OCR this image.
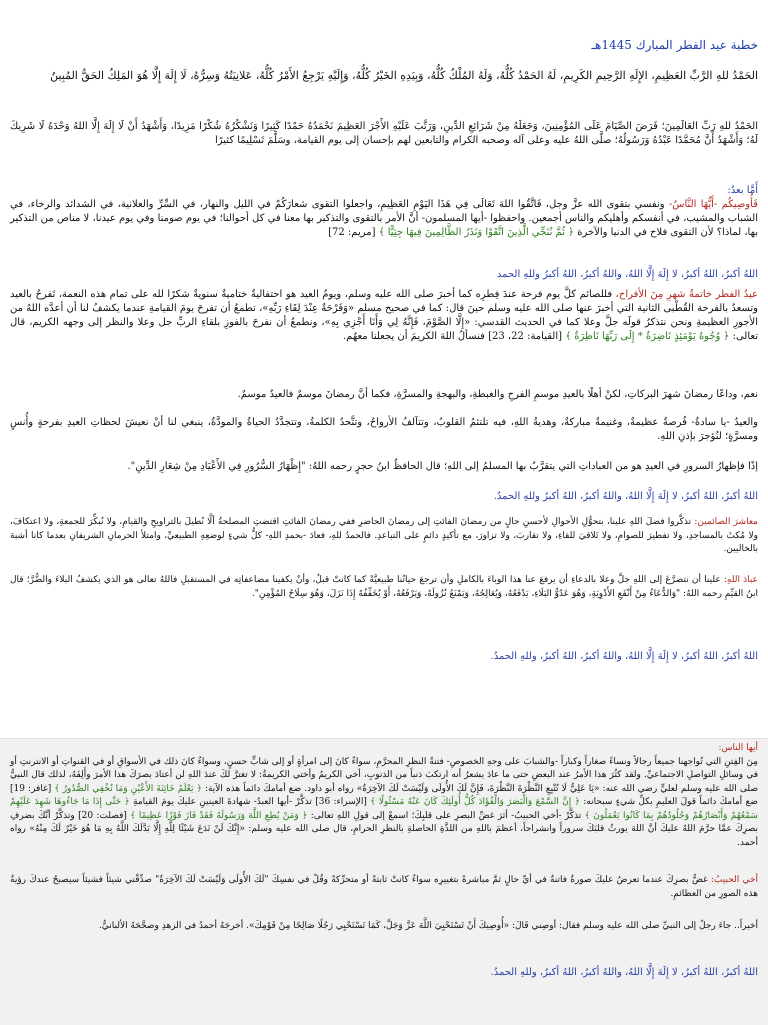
خطبة عيد الفطر المبارك 1445هـ

الحَمْدُ للهِ الرَّبِّ العَظِيمِ، الإِلَهِ الرَّحِيمِ الكَرِيمِ، لَهُ الحَمْدُ كُلُّهُ، وَلَهُ المُلْكُ كُلُّهُ، وَبِيَدِهِ الخَيْرُ كُلُّهُ، وَإِلَيْهِ يَرْجِعُ الأَمْرُ كُلُّهُ، عَلانِيَتُهُ وَسِرُّهُ، لَا إِلَهَ إِلَّا هُوَ المَلِكُ الحَقُّ المُبِينُ

الحَمْدُ للهِ رَبِّ العَالَمِينَ؛ فَرَضَ الصِّيَامَ عَلَى المُؤْمِنِينَ، وَجَعَلَهُ مِنْ شَرَائِعِ الدِّينِ، وَرَتَّبَ عَلَيْهِ الأَجْرَ العَظِيمَ نَحْمَدُهُ حَمْدًا كَثِيرًا وَنَشْكُرُهُ شُكْرًا مَزِيدًا، وَأَشْهَدُ أَنْ لَا إِلَهَ إِلَّا اللهُ وَحْدَهُ لَا شَرِيكَ لَهُ؛ وَأَشْهَدُ أَنَّ مُحَمَّدًا عَبْدُهُ وَرَسُولُهُ؛ صلَّى اللهُ عليه وعلى آله وصحبه الكرام والتابعين لهم بإحسان إلى يوم القيامة، وسَلَّمَ تَسْلِيمًا كثيرًا

أَمَّا بعدُ:

فَأُوصِيكُم -أَيُّهَا النَّاسُ- ونفسي بتقوى الله عزَّ وجل، فَاتَّقُوا اللهَ تَعَالَى فِي هَذَا اليَوْمِ العَظِيمِ، واجعلوا التقوى شعارَكُمْ في الليل والنهار، في السِّرِّ والعلانية، في الشدائد والرخاء، في الشباب والمشيب، في أنفسكم وأهليكم والناس أجمعين. واحفظوا -أيها المسلمون- أنَّ الأمر بالتقوى والتذكير بها معنا في كل أحوالنا؛ في يوم صومنا وفي يوم عيدنا، لا مناص من التذكير بها، لماذا؟ لأن التقوى فلاح في الدنيا والآخرة ﴿ ثُمَّ نُنَجِّي الَّذِينَ اتَّقَوْا وَنَذَرُ الظَّالِمِينَ فِيهَا جِثِيًّا ﴾ [مريم: 72]

اللهُ أكبرُ، اللهُ أكبرُ، لا إِلَهَ إِلَّا اللهُ، واللهُ أكبرُ، اللهُ أكبرُ وللهِ الحمد

عيدُ الفطر خاتمةُ شهرِ مِنَ الأفراح، فللصائم كلَّ يوم فرحة عندَ فِطرِه كما أخبرَ صلى الله عليه وسلم، ويومُ العيد هو احتفاليةٌ ختاميةٌ سنويةٌ شكرًا لله على تمام هذه النعمة، تَفرحُ بالعيد وتسعدُ بالفرحة القُطْبى الثانية التي أخبرَ عنها صلى الله عليه وسلم حينَ قال: كما في صحيح مسلم «وَفَرْحَةٌ عِنْدَ لِقَاءِ رَبِّهِ»، تطمعُ أن تفرحَ يومَ القيامةِ عندما يكشفُ لنا أن أعدَّه اللهُ من الأجورِ العظيمةِ ونحن نتذكرُ قولَه جلَّ وعلا كما في الحديث القدسي: «إِلَّا الصَّوْمَ، فَإِنَّهُ لِي وَأَنَا أَجْزِي بِهِ»، ونطمعُ أن نفرحَ بالفوزِ بلقاءِ الربِّ جل وعلا والنظر إلى وجهه الكريم، قال تعالى: ﴿ وُجُوهٌ يَوْمَئِذٍ نَاضِرَةٌ * إِلَى رَبِّهَا نَاظِرَةٌ ﴾ [القيامة: 22، 23] فنسألُ اللهَ الكريمَ أن يجعلنا معهُم.

نعم، وداعًا رمضانَ شهرَ البركاتِ، لكنْ أهلًا بالعيدِ موسمِ الفرحِ والغبطةِ، والبهجةِ والمسرَّةِ، فكما أنَّ رمضانَ موسمٌ فالعيدُ موسمٌ.

والعيدُ -يا سادةُ- فُرصةٌ عظيمةٌ، وغنيمةٌ مباركةٌ، وهديةُ اللهِ، فيه تلتئمُ القلوبُ، وتتآلفُ الأرواحُ، وتتَّحدُ الكلمةُ، وتتجدَّدُ الحياةُ والمودَّةُ، ينبغي لنا أنْ نعيشَ لحظاتِ العيدِ بفرحةٍ وأُنسٍ ومسرَّةٍ؛ لنُؤجرَ بإذنِ اللهِ.

إذًا فإظهارُ السرورِ في العيدِ هو من العباداتِ التي يتقرَّبُ بها المسلمُ إلى اللهِ؛ قال الحافظُ ابنُ حجرٍ رحمه اللهُ: "إِظْهَارُ السُّرُورِ فِي الأَعْيَادِ مِنْ شِعَارِ الدِّينِ".

اللهُ أكبرُ، اللهُ أكبرُ، لا إِلَهَ إِلَّا اللهُ، واللهُ أكبرُ، اللهُ أكبرُ وللهِ الحمدُ.

معاشرَ الصائمين: تذكَّروا فضلَ اللهِ علينا، بتحوُّلِ الأحوالِ لأحسنِ حالٍ من رمضانَ الفائتِ إلى رمضانَ الحاضرِ ففي رمضانَ الفائتِ اقتضتِ المصلحةُ ألَّا نُطيلَ بالتراويحِ والقيامِ، ولا نُبكِّرَ للجمعةِ، ولا اعتكافَ، ولا مُكثَ بالمساجدِ، ولا تفطيرَ للصوامِ، ولا تَلاقيَ للقاءِ، ولا تقاربَ، ولا تزاورَ، مع تأكيدٍ دائمٍ على التباعدِ. فالحمدُ للهِ، فعادَ -بحمدِ اللهِ- كلُّ شيءٍ لوضعِهِ الطبيعيِّ، وامتلأ الحرمانِ الشريفانِ بعدما كانا أشبهَ بالخاليين.

عبادَ اللهِ: علينا أن نتضرَّعَ إلى اللهِ جلَّ وعلا بالدعاءِ أن يرفعَ عنا هذا الوباءَ بالكاملِ وأن ترجعَ حياتُنا طبيعيَّةً كما كانتْ قبلُ، وأنْ يكفينا مضاعفاتِه في المستقبلِ فاللهُ تعالى هو الذي يكشفُ البلاءَ والضُّرَّ؛ قال ابنُ القيِّمِ رحمه اللهُ: "وَالدُّعَاءُ مِنْ أَنْفَعِ الأَدْوِيَةِ، وَهُوَ عَدُوُّ البَلَاءِ، يَدْفَعُهُ، وَيُعَالِجُهُ، وَيَمْنَعُ نُزُولَهُ، وَيَرْفَعُهُ، أَوْ يُخَفِّفُهُ إِذَا نَزَلَ، وَهُوَ سِلَاحُ المُؤْمِنِ".

اللهُ أكبرُ، اللهُ أكبرُ، لا إِلَهَ إِلَّا اللهُ، واللهُ أكبرُ، اللهُ أكبرُ، وللهِ الحمدُ.

أيها الناس:

مِنَ الفِتنِ التي تُواجهنا جميعاً رجالاً ونساءً صغاراً وكباراً -والشبابَ على وجهِ الخصوصِ- فتنةُ النظرِ المحرَّمِ، سواءٌ كانَ إلى امرأةٍ أو إلى شابٍّ حسنٍ، وسواءٌ كانَ ذلك في الأسواقِ أو في القنواتِ أو الانترنتِ أو في وسائلِ التواصلِ الاجتماعيِّ. ولقد كثُرَ هذا الأمرُ عند البعضِ حتى ما عادَ يشعرُ أنه ارتكبَ ذنباً من الذنوبِ، أخي الكريمُ وأختي الكريمةُ: لا تغترَّ لكَ عندَ اللهِ لن أعتادَ بصرَكَ هذا الأمرَ وأَلِفَهُ، لذلك قال النبيُّ صلى الله عليه وسلم لعليٍّ رضي الله عنه: «يَا عَلِيُّ لَا تُتْبِعِ النَّظْرَةَ النَّظْرَةَ، فَإِنَّ لَكَ الأُولَى وَلَيْسَتْ لَكَ الآخِرَةُ» رواه أبو داود. ضع أمامكَ دائماً هذه الآية: ﴿ يَعْلَمُ خَائِنَةَ الأَعْيُنِ وَمَا تُخْفِي الصُّدُورُ ﴾ [غافر: 19] ضع أمامكَ دائماً قولَ العليمِ بكلِّ شيءٍ سبحانه: ﴿ إِنَّ السَّمْعَ وَالْبَصَرَ وَالْفُؤَادَ كُلُّ أُولَئِكَ كَانَ عَنْهُ مَسْئُولًا ﴾ [الإسراء: 36] تذكَّرْ -أيها العبدُ- شهادةَ العينينِ عليكَ يومَ القيامةِ ﴿ حَتَّى إِذَا مَا جَاءُوهَا شَهِدَ عَلَيْهِمْ سَمْعُهُمْ وَأَبْصَارُهُمْ وَجُلُودُهُمْ بِمَا كَانُوا يَعْمَلُونَ ﴾ تذكَّرْ -أخي الحبيبُ- أثرَ غضِّ البصرِ على قلبِكَ؛ اسمعْ إلى قولِ اللهِ تعالى: ﴿ وَمَنْ يُطِعِ اللَّهَ وَرَسُولَهُ فَقَدْ فَازَ فَوْزًا عَظِيمًا ﴾ [فصلت: 20] وتذكَّرْ أنَّكَ بضرفِ بصرِكَ عمَّا حرَّمَ اللهُ عليكَ أنَّ اللهَ يورثُ قلبَكَ سروراً وانشراحاً، أعظمَ باللهِ من اللذَّةِ الحاصلةِ بالنظرِ الحرامِ، قال صلى الله عليه وسلم: «إِنَّكَ لَنْ تَدَعَ شَيْئًا لِلَّهِ إِلَّا بَدَّلَكَ اللَّهُ بِهِ مَا هُوَ خَيْرٌ لَكَ مِنْهُ» رواه أحمد.

أخي الحبيبُ: غضُّ بصرِكَ عندما تعرضُ عليكَ صورةٌ فاتنةٌ في أيِّ حالٍ ثمَّ مباشرةً بتغييرِه سواءٌ كانتْ ثابتةً أو متحرِّكةً وقُلْ في نفسِكَ "لَكَ الأُولَى وَلَيْسَتْ لَكَ الآخِرَةُ" صدِّقْني شيئاً فشيئاً سيصبحُ عندكَ رؤيةُ هذه الصورِ من العظائمِ.

أخيراً.. جاءَ رجلٌ إلى النبيِّ صلى الله عليه وسلم فقال: أوصِني قَالَ: «أُوصِيكَ أَنْ تَسْتَحْيِيَ اللَّهَ عَزَّ وَجَلَّ، كَمَا تَسْتَحْيِي رَجُلًا صَالِحًا مِنْ قَوْمِكَ». أخرجَهُ أحمدُ في الزهدِ وصحَّحَهُ الألبانيُّ.

اللهُ أكبرُ، اللهُ أكبرُ، لا إِلَهَ إِلَّا اللهُ، واللهُ أكبرُ، اللهُ أكبرُ، وللهِ الحمدُ.
